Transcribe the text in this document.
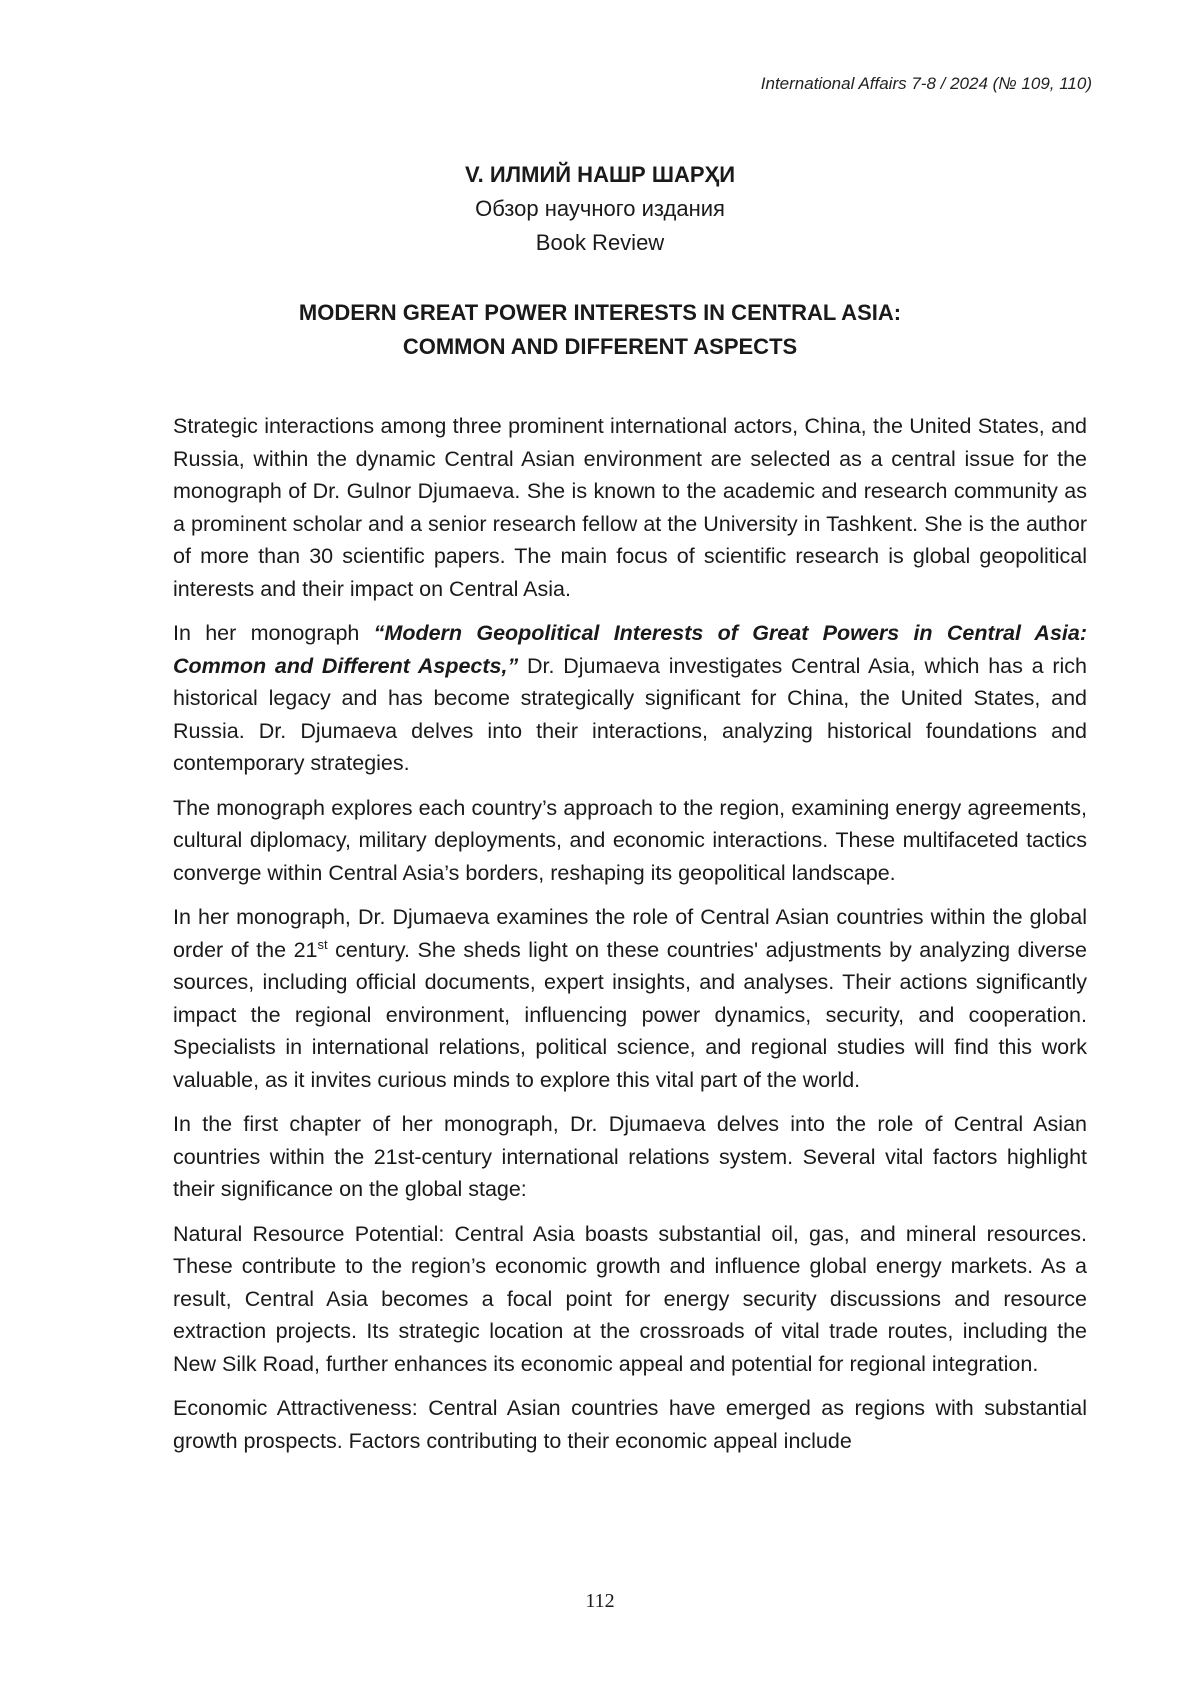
International Affairs 7-8 / 2024 (№ 109, 110)
V. ИЛМИЙ НАШР ШАРҲИ
Обзор научного издания
Book Review
MODERN GREAT POWER INTERESTS IN CENTRAL ASIA:
COMMON AND DIFFERENT ASPECTS

Strategic interactions among three prominent international actors, China, the United States, and Russia, within the dynamic Central Asian environment are selected as a central issue for the monograph of Dr. Gulnor Djumaeva. She is known to the academic and research community as a prominent scholar and a senior research fellow at the University in Tashkent. She is the author of more than 30 scientific papers. The main focus of scientific research is global geopolitical interests and their impact on Central Asia.

In her monograph “Modern Geopolitical Interests of Great Powers in Central Asia: Common and Different Aspects,” Dr. Djumaeva investigates Central Asia, which has a rich historical legacy and has become strategically significant for China, the United States, and Russia. Dr. Djumaeva delves into their interactions, analyzing historical foundations and contemporary strategies.

The monograph explores each country’s approach to the region, examining energy agreements, cultural diplomacy, military deployments, and economic interactions. These multifaceted tactics converge within Central Asia’s borders, reshaping its geopolitical landscape.

In her monograph, Dr. Djumaeva examines the role of Central Asian countries within the global order of the 21st century. She sheds light on these countries' adjustments by analyzing diverse sources, including official documents, expert insights, and analyses. Their actions significantly impact the regional environment, influencing power dynamics, security, and cooperation. Specialists in international relations, political science, and regional studies will find this work valuable, as it invites curious minds to explore this vital part of the world.

In the first chapter of her monograph, Dr. Djumaeva delves into the role of Central Asian countries within the 21st-century international relations system. Several vital factors highlight their significance on the global stage:

Natural Resource Potential: Central Asia boasts substantial oil, gas, and mineral resources. These contribute to the region’s economic growth and influence global energy markets. As a result, Central Asia becomes a focal point for energy security discussions and resource extraction projects. Its strategic location at the crossroads of vital trade routes, including the New Silk Road, further enhances its economic appeal and potential for regional integration.

Economic Attractiveness: Central Asian countries have emerged as regions with substantial growth prospects. Factors contributing to their economic appeal include

112
